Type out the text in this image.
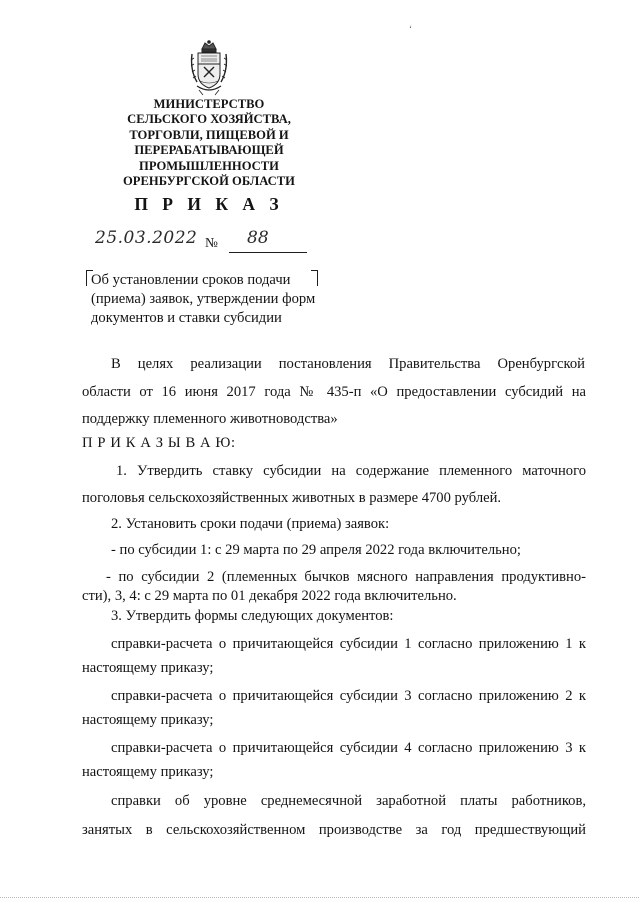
МИНИСТЕРСТВО
СЕЛЬСКОГО ХОЗЯЙСТВА,
ТОРГОВЛИ, ПИЩЕВОЙ И
ПЕРЕРАБАТЫВАЮЩЕЙ
ПРОМЫШЛЕННОСТИ
ОРЕНБУРГСКОЙ ОБЛАСТИ
П Р И К А З
ʻ
25.03.2022 № 88
Об установлении сроков подачи
(приема) заявок, утверждении форм
документов и ставки субсидии
В целях реализации постановления Правительства Оренбургской
области от 16 июня 2017 года № 435-п «О предоставлении субсидий на
поддержку племенного животноводства»
П Р И К А З Ы В А Ю:
1. Утвердить ставку субсидии на содержание племенного маточного
поголовья сельскохозяйственных животных в размере 4700 рублей.
2. Установить сроки подачи (приема) заявок:
- по субсидии 1: с 29 марта по 29 апреля 2022 года включительно;
- по субсидии 2 (племенных бычков мясного направления продуктивно-
сти), 3, 4: с 29 марта по 01 декабря 2022 года включительно.
3. Утвердить формы следующих документов:
справки-расчета о причитающейся субсидии 1 согласно приложению 1 к
настоящему приказу;
справки-расчета о причитающейся субсидии 3 согласно приложению 2 к
настоящему приказу;
справки-расчета о причитающейся субсидии 4 согласно приложению 3 к
настоящему приказу;
справки об уровне среднемесячной заработной платы работников,
занятых в сельскохозяйственном производстве за год предшествующий
